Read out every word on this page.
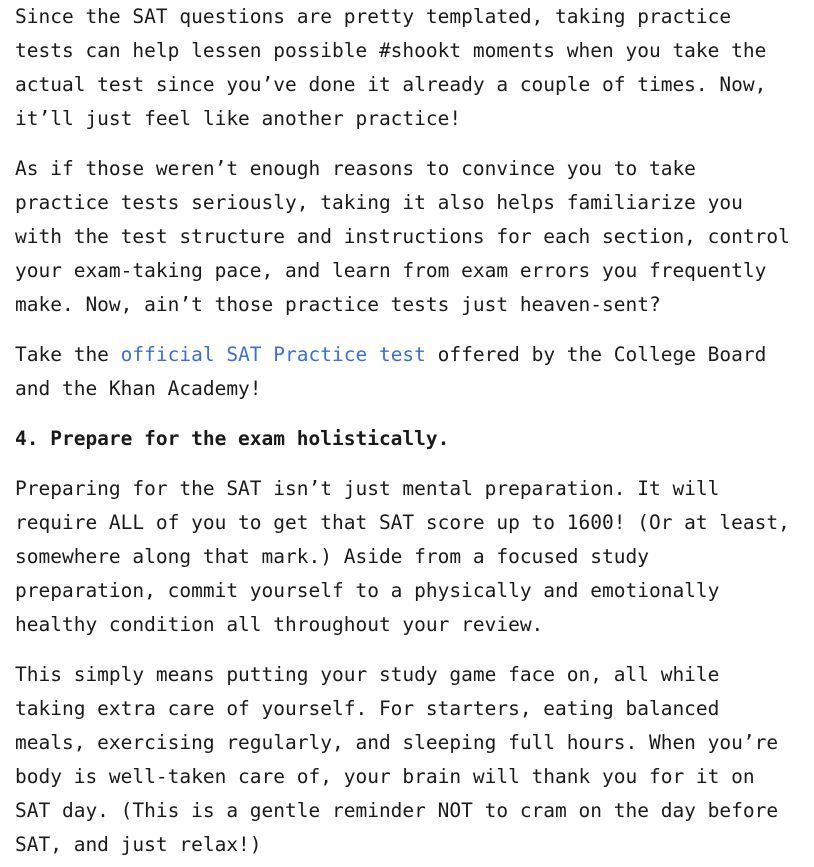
Since the SAT questions are pretty templated, taking practice
tests can help lessen possible #shookt moments when you take the
actual test since you’ve done it already a couple of times. Now,
it’ll just feel like another practice!
As if those weren’t enough reasons to convince you to take
practice tests seriously, taking it also helps familiarize you
with the test structure and instructions for each section, control
your exam-taking pace, and learn from exam errors you frequently
make. Now, ain’t those practice tests just heaven-sent?
Take the official SAT Practice test offered by the College Board
and the Khan Academy!
4. Prepare for the exam holistically.
Preparing for the SAT isn’t just mental preparation. It will
require ALL of you to get that SAT score up to 1600! (Or at least,
somewhere along that mark.) Aside from a focused study
preparation, commit yourself to a physically and emotionally
healthy condition all throughout your review.
This simply means putting your study game face on, all while
taking extra care of yourself. For starters, eating balanced
meals, exercising regularly, and sleeping full hours. When you’re
body is well-taken care of, your brain will thank you for it on
SAT day. (This is a gentle reminder NOT to cram on the day before
SAT, and just relax!)
